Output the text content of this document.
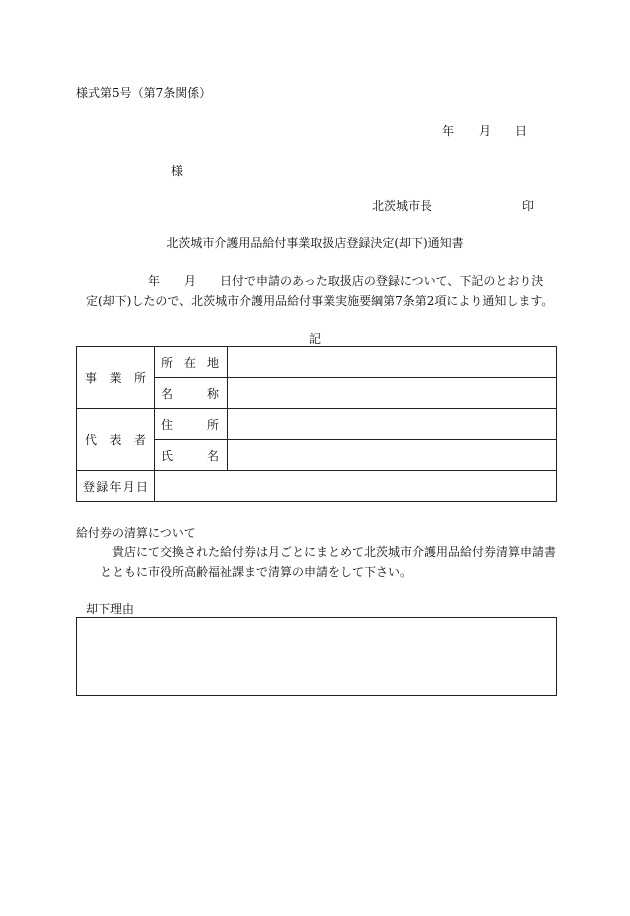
様式第5号（第7条関係）
年 月 日
様
北茨城市長	印
北茨城市介護用品給付事業取扱店登録決定(却下)通知書
年　　月　　日付で申請のあった取扱店の登録について、下記のとおり決
定(却下)したので、北茨城市介護用品給付事業実施要綱第7条第2項により通知します。
記
事 業 所	所 在 地	

	名 称	

代 表 者	住 所	

	氏 名	

登 録 年 月 日		

給付券の清算について
貴店にて交換された給付券は月ごとにまとめて北茨城市介護用品給付券清算申請書
とともに市役所高齢福祉課まで清算の申請をして下さい。
却下理由
